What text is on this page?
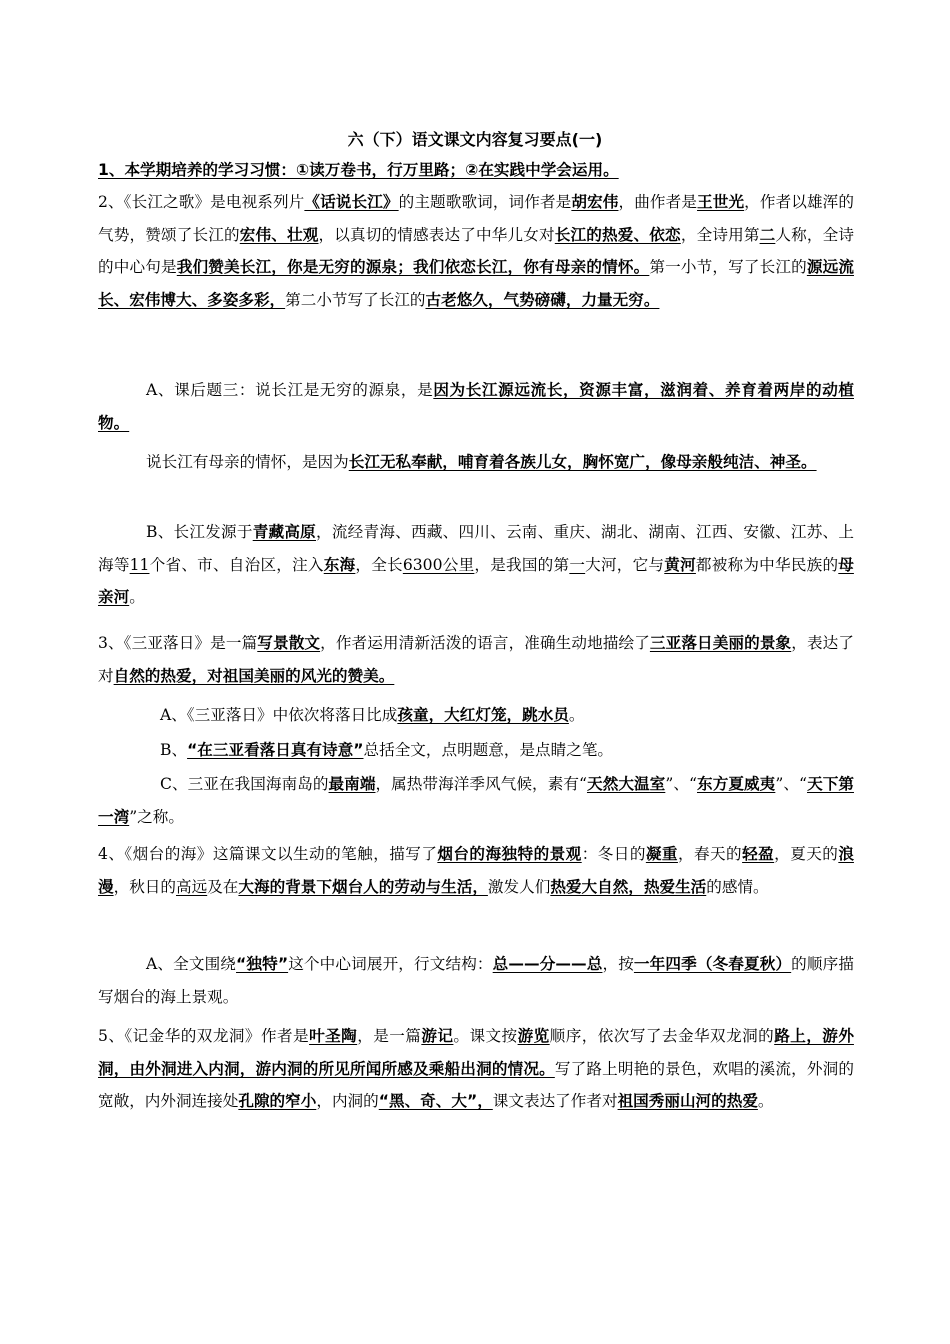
六（下）语文课文内容复习要点(一)
1、本学期培养的学习习惯：①读万卷书，行万里路；②在实践中学会运用。
2、《长江之歌》是电视系列片《话说长江》的主题歌歌词，词作者是胡宏伟，曲作者是王世光，作者以雄浑的气势，赞颂了长江的宏伟、壮观，以真切的情感表达了中华儿女对长江的热爱、依恋，全诗用第二人称，全诗的中心句是我们赞美长江，你是无穷的源泉；我们依恋长江，你有母亲的情怀。第一小节，写了长江的源远流长、宏伟博大、多姿多彩，第二小节写了长江的古老悠久，气势磅礴，力量无穷。
A、课后题三：说长江是无穷的源泉，是因为长江源远流长，资源丰富，滋润着、养育着两岸的动植物。
说长江有母亲的情怀，是因为长江无私奉献，哺育着各族儿女，胸怀宽广，像母亲般纯洁、神圣。
B、长江发源于青藏高原，流经青海、西藏、四川、云南、重庆、湖北、湖南、江西、安徽、江苏、上海等11个省、市、自治区，注入东海，全长6300公里，是我国的第一大河，它与黄河都被称为中华民族的母亲河。
3、《三亚落日》是一篇写景散文，作者运用清新活泼的语言，准确生动地描绘了三亚落日美丽的景象，表达了对自然的热爱，对祖国美丽的风光的赞美。
A、《三亚落日》中依次将落日比成孩童，大红灯笼，跳水员。
B、“在三亚看落日真有诗意”总括全文，点明题意，是点睛之笔。
C、三亚在我国海南岛的最南端，属热带海洋季风气候，素有“天然大温室”、“东方夏威夷”、“天下第一湾”之称。
4、《烟台的海》这篇课文以生动的笔触，描写了烟台的海独特的景观：冬日的凝重，春天的轻盈，夏天的浪漫，秋日的高远及在大海的背景下烟台人的劳动与生活，激发人们热爱大自然，热爱生活的感情。
A、全文围绕“独特”这个中心词展开，行文结构：总——分——总，按一年四季（冬春夏秋）的顺序描写烟台的海上景观。
5、《记金华的双龙洞》作者是叶圣陶，是一篇游记。课文按游览顺序，依次写了去金华双龙洞的路上，游外洞，由外洞进入内洞，游内洞的所见所闻所感及乘船出洞的情况。写了路上明艳的景色，欢唱的溪流，外洞的宽敞，内外洞连接处孔隙的窄小，内洞的“黑、奇、大”，课文表达了作者对祖国秀丽山河的热爱。
